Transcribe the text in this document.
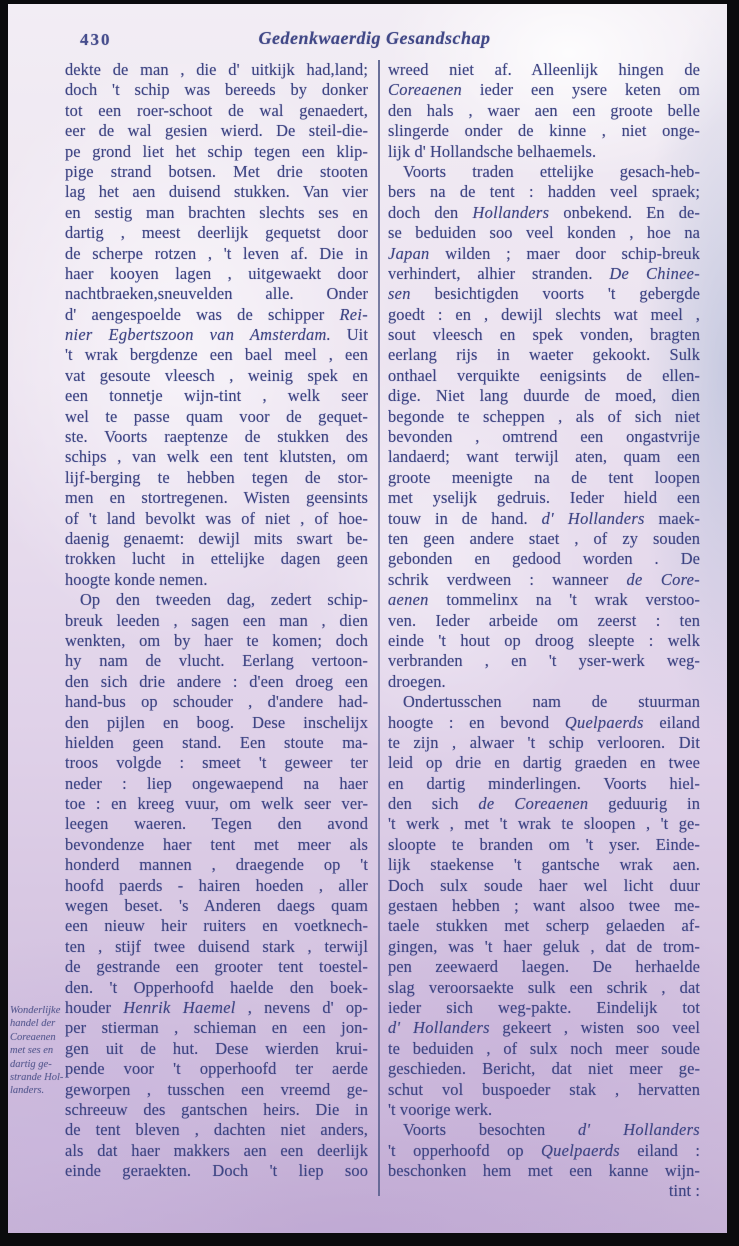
430	Gedenkwaerdig Gesandschap
dekte de man , die d' uitkijk had,land;
doch 't schip was bereeds by donker
tot een roer-schoot de wal genaedert,
eer de wal gesien wierd. De steil-die-
pe grond liet het schip tegen een klip-
pige strand botsen. Met drie stooten
lag het aen duisend stukken. Van vier
en sestig man brachten slechts ses en
dartig , meest deerlijk gequetst door
de scherpe rotzen , 't leven af. Die in
haer kooyen lagen , uitgewaekt door
nachtbraeken,sneuvelden alle. Onder
d' aengespoelde was de schipper Rei-
nier Egbertszoon van Amsterdam. Uit
't wrak bergdenze een bael meel , een
vat gesoute vleesch , weinig spek en
een tonnetje wijn-tint , welk seer
wel te passe quam voor de gequet-
ste. Voorts raeptenze de stukken des
schips , van welk een tent klutsten, om
lijf-berging te hebben tegen de stor-
men en stortregenen. Wisten geensints
of 't land bevolkt was of niet , of hoe-
daenig genaemt: dewijl mits swart be-
trokken lucht in ettelijke dagen geen
hoogte konde nemen.
Op den tweeden dag, zedert schip-
breuk leeden , sagen een man , dien
wenkten, om by haer te komen; doch
hy nam de vlucht. Eerlang vertoon-
den sich drie andere : d'een droeg een
hand-bus op schouder , d'andere had-
den pijlen en boog. Dese inschelijx
hielden geen stand. Een stoute ma-
troos volgde : smeet 't geweer ter
neder : liep ongewaepend na haer
toe : en kreeg vuur, om welk seer ver-
leegen waeren. Tegen den avond
bevondenze haer tent met meer als
honderd mannen , draegende op 't
hoofd paerds - hairen hoeden , aller
wegen beset. 's Anderen daegs quam
een nieuw heir ruiters en voetknech-
ten , stijf twee duisend stark , terwijl
de gestrande een grooter tent toestel-
den. 't Opperhoofd haelde den boek-
houder Henrik Haemel , nevens d' op-
per stierman , schieman en een jon-
gen uit de hut. Dese wierden krui-
pende voor 't opperhoofd ter aerde
geworpen , tusschen een vreemd ge-
schreeuw des gantschen heirs. Die in
de tent bleven , dachten niet anders,
als dat haer makkers aen een deerlijk
einde geraekten. Doch 't liep soo
wreed niet af. Alleenlijk hingen de
Coreaenen ieder een ysere keten om
den hals , waer aen een groote belle
slingerde onder de kinne , niet onge-
lijk d' Hollandsche belhaemels.
Voorts traden ettelijke gesach-heb-
bers na de tent : hadden veel spraek;
doch den Hollanders onbekend. En de-
se beduiden soo veel konden , hoe na
Japan wilden ; maer door schip-breuk
verhindert, alhier stranden. De Chinee-
sen besichtigden voorts 't gebergde
goedt : en , dewijl slechts wat meel ,
sout vleesch en spek vonden, bragten
eerlang rijs in waeter gekookt. Sulk
onthael verquikte eenigsints de ellen-
dige. Niet lang duurde de moed, dien
begonde te scheppen , als of sich niet
bevonden , omtrend een ongastvrije
landaerd; want terwijl aten, quam een
groote meenigte na de tent loopen
met yselijk gedruis. Ieder hield een
touw in de hand. d' Hollanders maek-
ten geen andere staet , of zy souden
gebonden en gedood worden . De
schrik verdween : wanneer de Core-
aenen tommelinx na 't wrak verstoo-
ven. Ieder arbeide om zeerst : ten
einde 't hout op droog sleepte : welk
verbranden , en 't yser-werk weg-
droegen.
Ondertusschen nam de stuurman
hoogte : en bevond Quelpaerds eiland
te zijn , alwaer 't schip verlooren. Dit
leid op drie en dartig graeden en twee
en dartig minderlingen. Voorts hiel-
den sich de Coreaenen geduurig in
't werk , met 't wrak te sloopen , 't ge-
sloopte te branden om 't yser. Einde-
lijk staekense 't gantsche wrak aen.
Doch sulx soude haer wel licht duur
gestaen hebben ; want alsoo twee me-
taele stukken met scherp gelaeden af-
gingen, was 't haer geluk , dat de trom-
pen zeewaerd laegen. De herhaelde
slag veroorsaekte sulk een schrik , dat
ieder sich weg-pakte. Eindelijk tot
d' Hollanders gekeert , wisten soo veel
te beduiden , of sulx noch meer soude
geschieden. Bericht, dat niet meer ge-
schut vol buspoeder stak , hervatten
't voorige werk.
Voorts besochten d' Hollanders
't opperhoofd op Quelpaerds eiland :
beschonken hem met een kanne wijn-
tint :
Wonderlijke
handel der
Coreaenen
met ses en
dartig ge-
strande Hol-
landers.
